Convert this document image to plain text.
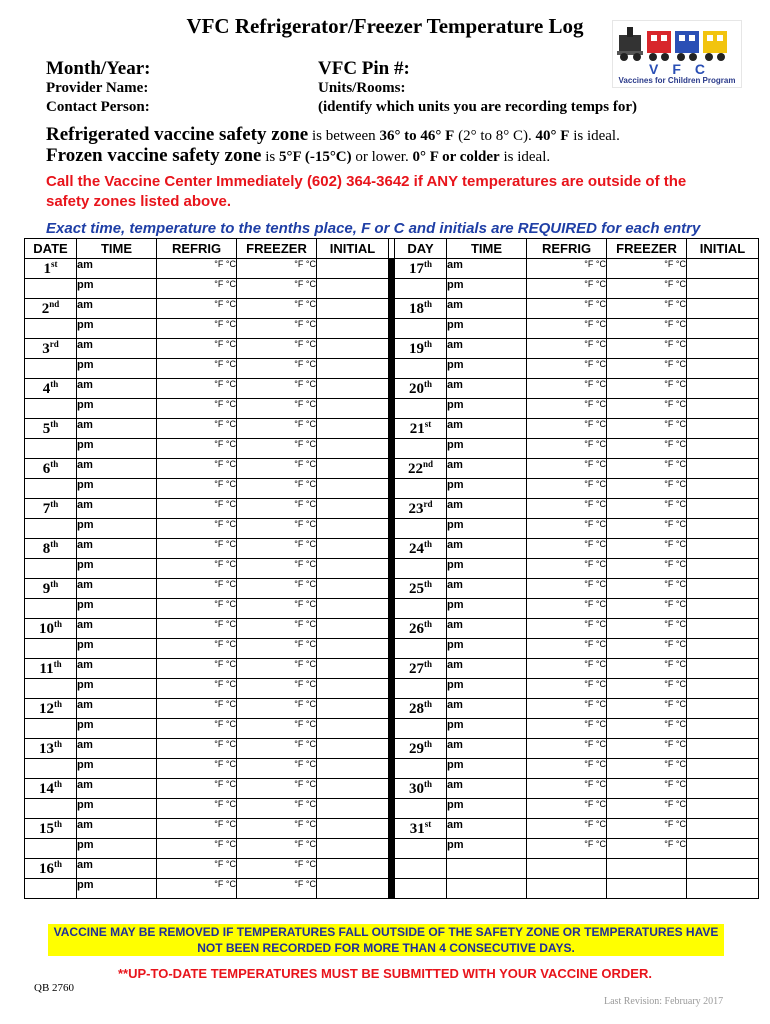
VFC Refrigerator/Freezer Temperature Log
VFC
Vaccines for Children Program
Month/Year:	VFC Pin #:
Provider Name:	Units/Rooms:
Contact Person:	(identify which units you are recording temps for)
Refrigerated vaccine safety zone is between 36° to 46° F (2° to 8° C). 40° F is ideal.
Frozen vaccine safety zone is 5°F (-15°C) or lower. 0° F or colder is ideal.
Call the Vaccine Center Immediately (602) 364-3642 if ANY temperatures are outside of the safety zones listed above.
Exact time, temperature to the tenths place, F or C and initials are REQUIRED for each entry
DATE	TIME	REFRIG	FREEZER	INITIAL		DAY	TIME	REFRIG	FREEZER	INITIAL
1st	am	°F °C	°F °C			17th	am	°F °C	°F °C	
	pm	°F °C	°F °C				pm	°F °C	°F °C	
2nd	am	°F °C	°F °C			18th	am	°F °C	°F °C	
	pm	°F °C	°F °C				pm	°F °C	°F °C	
3rd	am	°F °C	°F °C			19th	am	°F °C	°F °C	
	pm	°F °C	°F °C				pm	°F °C	°F °C	
4th	am	°F °C	°F °C			20th	am	°F °C	°F °C	
	pm	°F °C	°F °C				pm	°F °C	°F °C	
5th	am	°F °C	°F °C			21st	am	°F °C	°F °C	
	pm	°F °C	°F °C				pm	°F °C	°F °C	
6th	am	°F °C	°F °C			22nd	am	°F °C	°F °C	
	pm	°F °C	°F °C				pm	°F °C	°F °C	
7th	am	°F °C	°F °C			23rd	am	°F °C	°F °C	
	pm	°F °C	°F °C				pm	°F °C	°F °C	
8th	am	°F °C	°F °C			24th	am	°F °C	°F °C	
	pm	°F °C	°F °C				pm	°F °C	°F °C	
9th	am	°F °C	°F °C			25th	am	°F °C	°F °C	
	pm	°F °C	°F °C				pm	°F °C	°F °C	
10th	am	°F °C	°F °C			26th	am	°F °C	°F °C	
	pm	°F °C	°F °C				pm	°F °C	°F °C	
11th	am	°F °C	°F °C			27th	am	°F °C	°F °C	
	pm	°F °C	°F °C				pm	°F °C	°F °C	
12th	am	°F °C	°F °C			28th	am	°F °C	°F °C	
	pm	°F °C	°F °C				pm	°F °C	°F °C	
13th	am	°F °C	°F °C			29th	am	°F °C	°F °C	
	pm	°F °C	°F °C				pm	°F °C	°F °C	
14th	am	°F °C	°F °C			30th	am	°F °C	°F °C	
	pm	°F °C	°F °C				pm	°F °C	°F °C	
15th	am	°F °C	°F °C			31st	am	°F °C	°F °C	
	pm	°F °C	°F °C				pm	°F °C	°F °C	
16th	am	°F °C	°F °C							
	pm	°F °C	°F °C							
VACCINE MAY BE REMOVED IF TEMPERATURES FALL OUTSIDE OF THE SAFETY ZONE OR TEMPERATURES HAVE NOT BEEN RECORDED FOR MORE THAN 4 CONSECUTIVE DAYS.
**UP-TO-DATE TEMPERATURES MUST BE SUBMITTED WITH YOUR VACCINE ORDER.
QB 2760
Last Revision: February 2017
